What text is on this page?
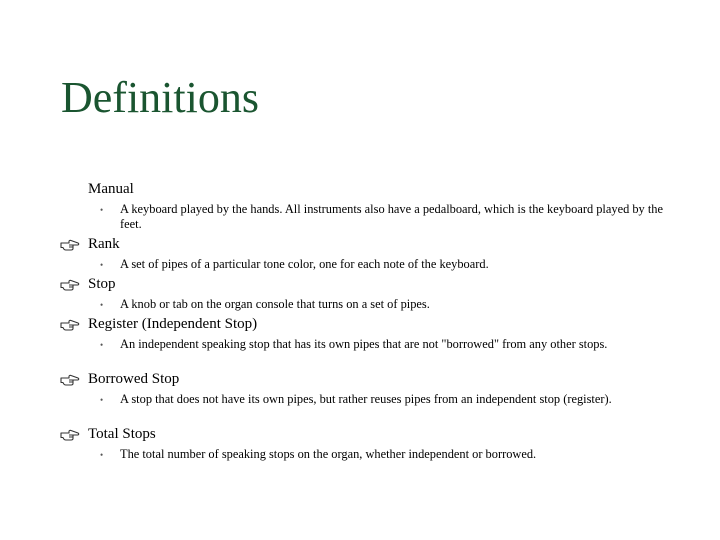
Definitions
Manual
• A keyboard played by the hands. All instruments also have a pedalboard, which is the keyboard played by the feet.
Rank
• A set of pipes of a particular tone color, one for each note of the keyboard.
Stop
• A knob or tab on the organ console that turns on a set of pipes.
Register (Independent Stop)
• An independent speaking stop that has its own pipes that are not "borrowed" from any other stops.
Borrowed Stop
• A stop that does not have its own pipes, but rather reuses pipes from an independent stop (register).
Total Stops
• The total number of speaking stops on the organ, whether independent or borrowed.
